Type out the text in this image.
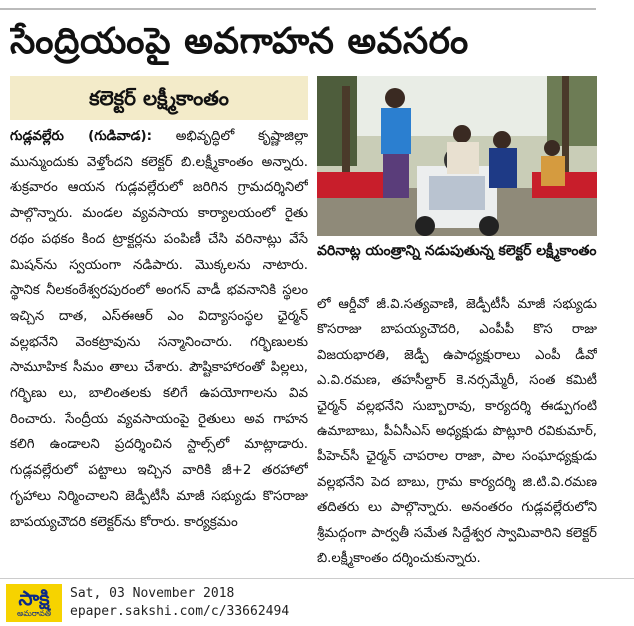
సేంద్రియంపై అవగాహన అవసరం
కలెక్టర్ లక్ష్మీకాంతం

గుడ్లవల్లేరు (గుడివాడ): అభివృద్ధిలో కృష్ణాజిల్లా మున్ముందుకు వెళ్తోందని కలెక్టర్ బి.లక్ష్మీకాంతం అన్నారు. శుక్రవారం ఆయన గుడ్లవల్లేరులో జరిగిన గ్రామదర్శినిలో పాల్గొన్నారు. మండల వ్యవసాయ కార్యాలయంలో రైతు రథం పథకం కింద ట్రాక్టర్లను పంపిణీ చేసి వరినాట్లు వేసే మిషన్‌ను స్వయంగా నడిపారు. మొక్కలను నాటారు. స్థానిక నీలకంఠేశ్వరపురంలో అంగన్ వాడీ భవనానికి స్థలం ఇచ్చిన దాత, ఎస్ఈఆర్ ఎం విద్యాసంస్థల ఛైర్మన్ వల్లభనేని వెంకట్రావును సన్మానించారు. గర్భిణులకు సామూహిక సీమం తాలు చేశారు. పౌష్టికాహారంతో పిల్లలు, గర్భిణు లు, బాలింతలకు కలిగే ఉపయోగాలను వివ రించారు. సేంద్రీయ వ్యవసాయంపై రైతులు అవ గాహన కలిగి ఉండాలని ప్రదర్శించిన స్టాల్స్‌లో మాట్లాడారు. గుడ్లవల్లేరులో పట్టాలు ఇచ్చిన వారికి జీ+2 తరహాలో గృహాలు నిర్మించాలని జెడ్పీటీసీ మాజీ సభ్యుడు కొసరాజు బాపయ్యచౌదరి కలెక్టర్‌ను కోరారు. కార్యక్రమం

వరినాట్ల యంత్రాన్ని నడుపుతున్న కలెక్టర్ లక్ష్మీకాంతం

లో ఆర్డీవో జీ.వి.సత్యవాణి, జెడ్పీటీసీ మాజీ సభ్యుడు కొసరాజు బాపయ్యచౌదరి, ఎంపీపీ కొస రాజు విజయభారతి, జెడ్పీ ఉపాధ్యక్షురాలు ఎంపీ డీవో ఎ.వి.రమణ, తహసీల్దార్ కె.నర్సమ్మేరీ, సంత కమిటీ ఛైర్మన్ వల్లభనేని సుబ్బారావు, కార్యదర్శి ఈడ్పుగంటి ఉమాబాబు, పీఏసీఎస్ అధ్యక్షుడు పొట్లూరి రవికుమార్, పీహెచ్‌సీ ఛైర్మన్ చాపరాల రాజా, పాల సంఘాధ్యక్షుడు వల్లభనేని పెద బాబు, గ్రామ కార్యదర్శి జి.టి.వి.రమణ తదితరు లు పాల్గొన్నారు. అనంతరం గుడ్లవల్లేరులోని శ్రీమద్గంగా పార్వతీ సమేత సిద్దేశ్వర స్వామివారిని కలెక్టర్ బి.లక్ష్మీకాంతం దర్శించుకున్నారు.

సాక్షి
అమరావతి
Sat, 03 November 2018
epaper.sakshi.com/c/33662494
